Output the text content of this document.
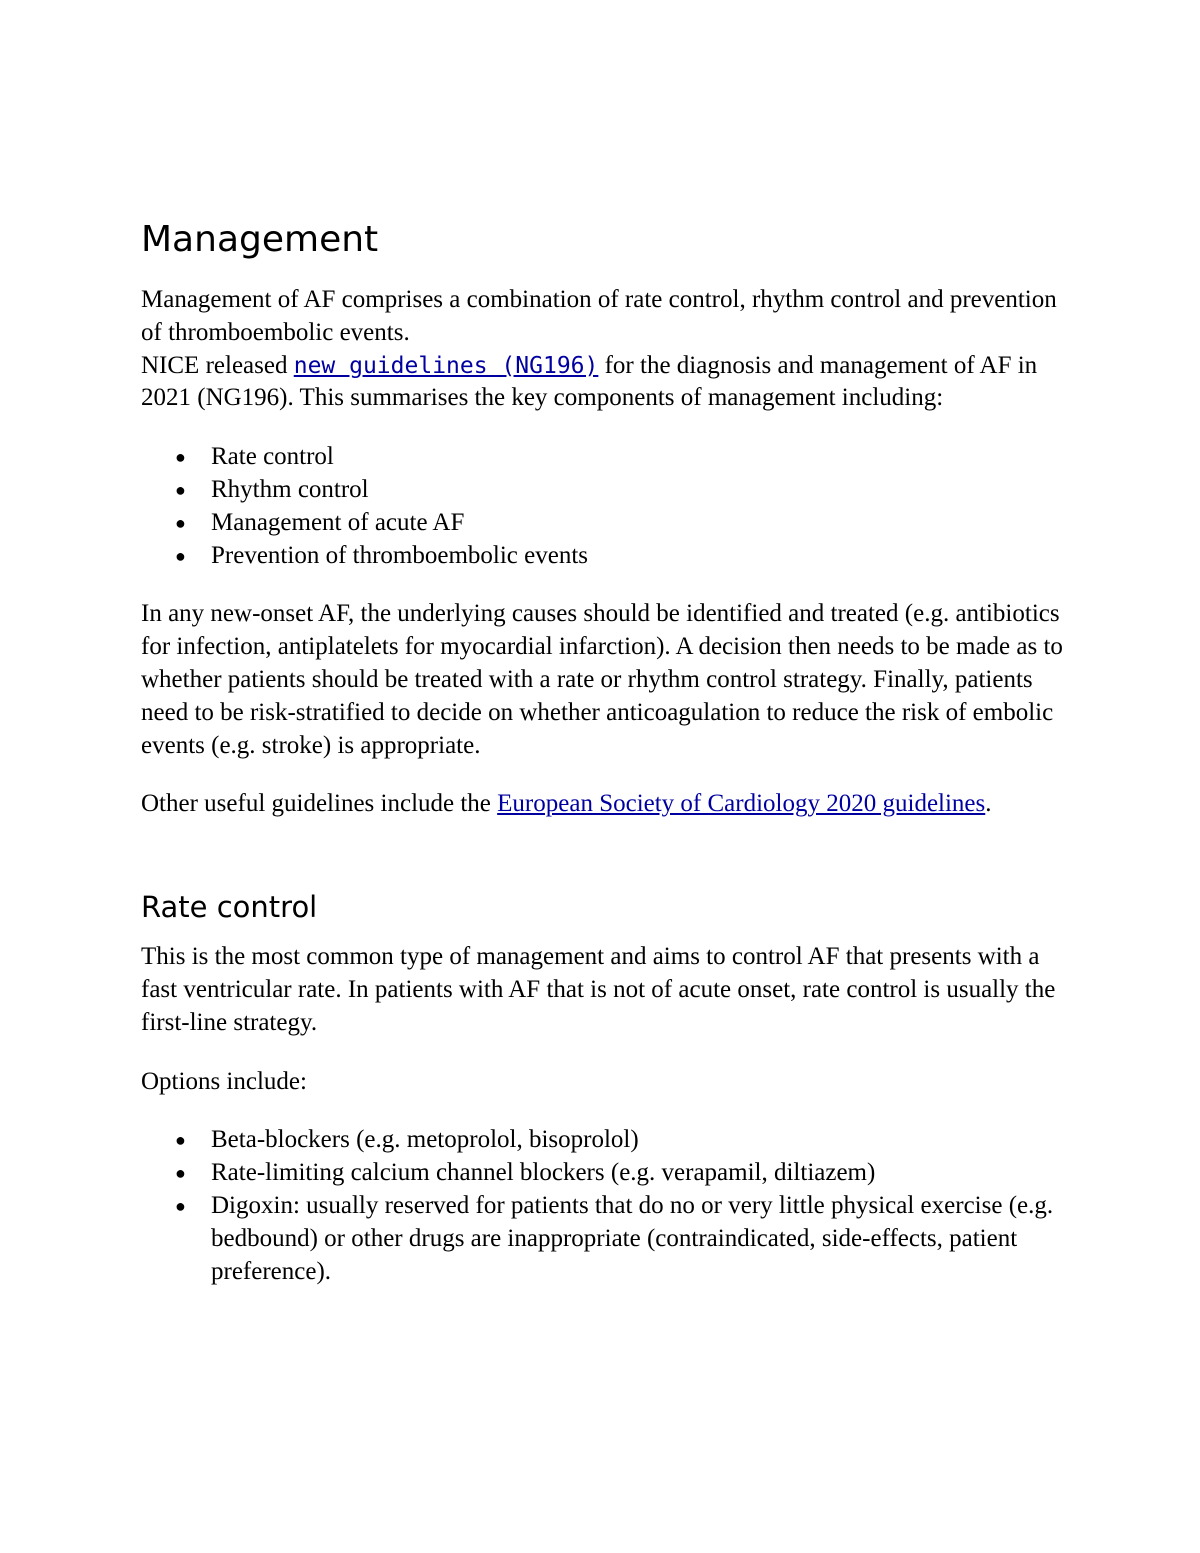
Management

Management of AF comprises a combination of rate control, rhythm control and prevention of thromboembolic events.

NICE released new guidelines (NG196) for the diagnosis and management of AF in 2021 (NG196). This summarises the key components of management including:

● Rate control
● Rhythm control
● Management of acute AF
● Prevention of thromboembolic events

In any new-onset AF, the underlying causes should be identified and treated (e.g. antibiotics for infection, antiplatelets for myocardial infarction). A decision then needs to be made as to whether patients should be treated with a rate or rhythm control strategy. Finally, patients need to be risk-stratified to decide on whether anticoagulation to reduce the risk of embolic events (e.g. stroke) is appropriate.

Other useful guidelines include the European Society of Cardiology 2020 guidelines.

Rate control

This is the most common type of management and aims to control AF that presents with a fast ventricular rate. In patients with AF that is not of acute onset, rate control is usually the first-line strategy.

Options include:

● Beta-blockers (e.g. metoprolol, bisoprolol)
● Rate-limiting calcium channel blockers (e.g. verapamil, diltiazem)
● Digoxin: usually reserved for patients that do no or very little physical exercise (e.g. bedbound) or other drugs are inappropriate (contraindicated, side-effects, patient preference).
